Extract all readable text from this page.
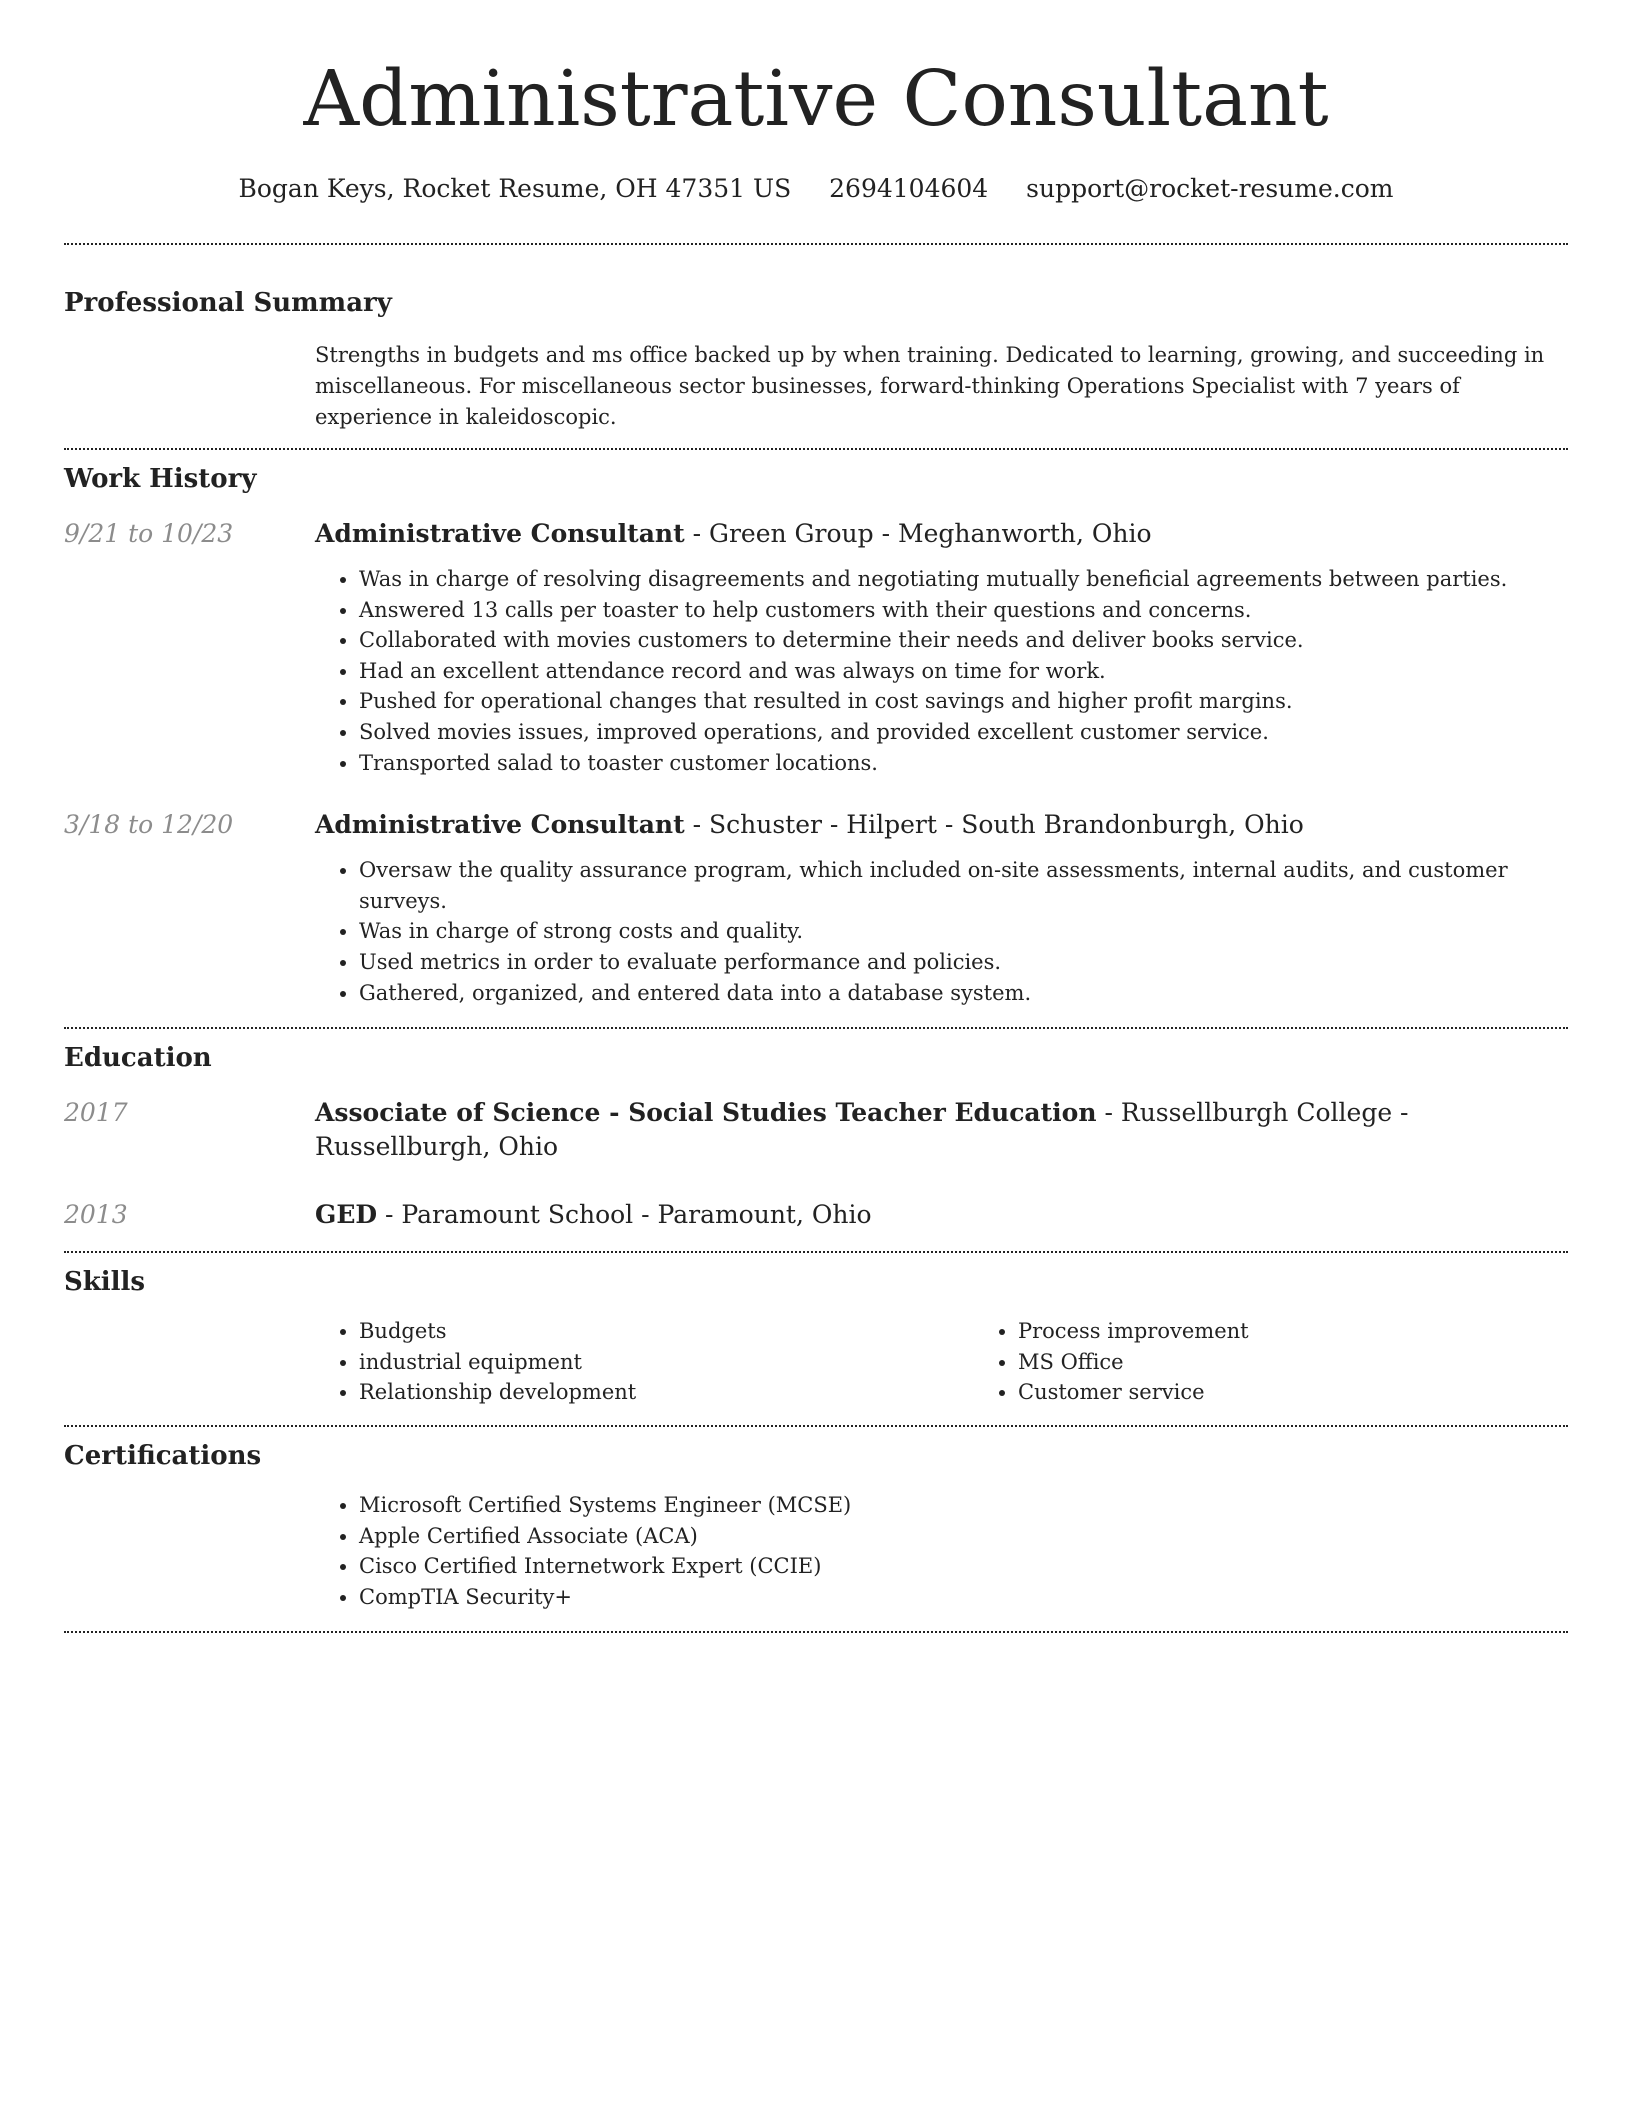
Administrative Consultant
Bogan Keys, Rocket Resume, OH 47351 US 2694104604 support@rocket-resume.com
Professional Summary
Strengths in budgets and ms office backed up by when training. Dedicated to learning, growing, and succeeding in miscellaneous. For miscellaneous sector businesses, forward-thinking Operations Specialist with 7 years of experience in kaleidoscopic.
Work History
9/21 to 10/23	Administrative Consultant - Green Group - Meghanworth, Ohio
• Was in charge of resolving disagreements and negotiating mutually beneficial agreements between parties.
• Answered 13 calls per toaster to help customers with their questions and concerns.
• Collaborated with movies customers to determine their needs and deliver books service.
• Had an excellent attendance record and was always on time for work.
• Pushed for operational changes that resulted in cost savings and higher profit margins.
• Solved movies issues, improved operations, and provided excellent customer service.
• Transported salad to toaster customer locations.
3/18 to 12/20	Administrative Consultant - Schuster - Hilpert - South Brandonburgh, Ohio
• Oversaw the quality assurance program, which included on-site assessments, internal audits, and customer surveys.
• Was in charge of strong costs and quality.
• Used metrics in order to evaluate performance and policies.
• Gathered, organized, and entered data into a database system.
Education
2017	Associate of Science - Social Studies Teacher Education - Russellburgh College - Russellburgh, Ohio
2013	GED - Paramount School - Paramount, Ohio
Skills
• Budgets
• industrial equipment
• Relationship development
• Process improvement
• MS Office
• Customer service
Certifications
• Microsoft Certified Systems Engineer (MCSE)
• Apple Certified Associate (ACA)
• Cisco Certified Internetwork Expert (CCIE)
• CompTIA Security+
